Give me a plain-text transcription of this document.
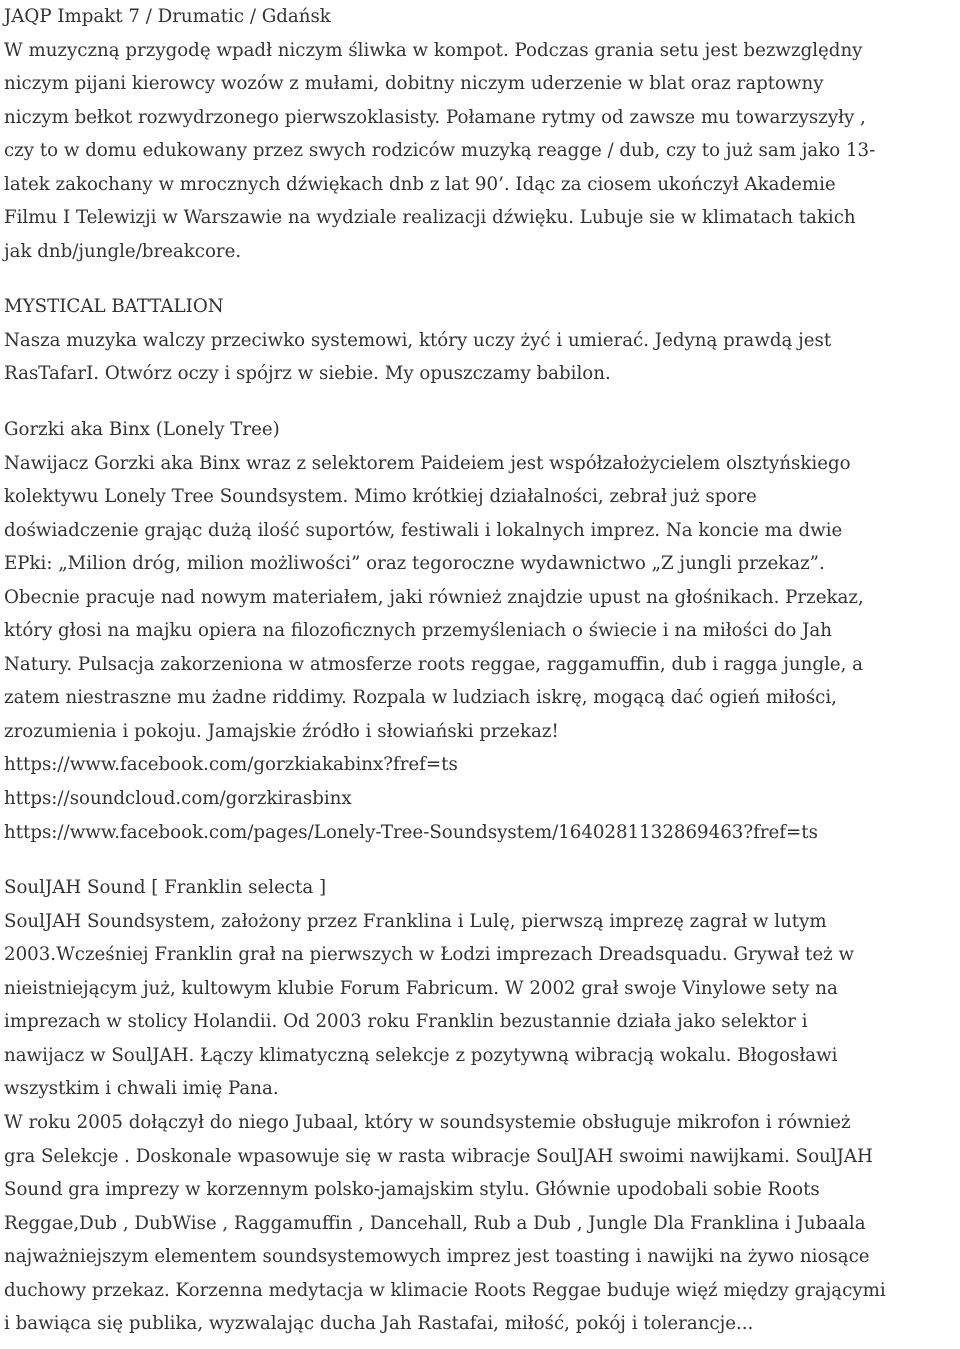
JAQP Impakt 7 / Drumatic / Gdańsk
W muzyczną przygodę wpadł niczym śliwka w kompot. Podczas grania setu jest bezwzględny
niczym pijani kierowcy wozów z mułami, dobitny niczym uderzenie w blat oraz raptowny
niczym bełkot rozwydrzonego pierwszoklasisty. Połamane rytmy od zawsze mu towarzyszyły ,
czy to w domu edukowany przez swych rodziców muzyką reagge / dub, czy to już sam jako 13-
latek zakochany w mrocznych dźwiękach dnb z lat 90’. Idąc za ciosem ukończył Akademie
Filmu I Telewizji w Warszawie na wydziale realizacji dźwięku. Lubuje sie w klimatach takich
jak dnb/jungle/breakcore.
MYSTICAL BATTALION
Nasza muzyka walczy przeciwko systemowi, który uczy żyć i umierać. Jedyną prawdą jest
RasTafarI. Otwórz oczy i spójrz w siebie. My opuszczamy babilon.
Gorzki aka Binx (Lonely Tree)
Nawijacz Gorzki aka Binx wraz z selektorem Paideiem jest współzałożycielem olsztyńskiego
kolektywu Lonely Tree Soundsystem. Mimo krótkiej działalności, zebrał już spore
doświadczenie grając dużą ilość suportów, festiwali i lokalnych imprez. Na koncie ma dwie
EPki: „Milion dróg, milion możliwości” oraz tegoroczne wydawnictwo „Z jungli przekaz”.
Obecnie pracuje nad nowym materiałem, jaki również znajdzie upust na głośnikach. Przekaz,
który głosi na majku opiera na filozoficznych przemyśleniach o świecie i na miłości do Jah
Natury. Pulsacja zakorzeniona w atmosferze roots reggae, raggamuffin, dub i ragga jungle, a
zatem niestraszne mu żadne riddimy. Rozpala w ludziach iskrę, mogącą dać ogień miłości,
zrozumienia i pokoju. Jamajskie źródło i słowiański przekaz!
https://www.facebook.com/gorzkiakabinx?fref=ts
https://soundcloud.com/gorzkirasbinx
https://www.facebook.com/pages/Lonely-Tree-Soundsystem/1640281132869463?fref=ts
SoulJAH Sound [ Franklin selecta ]
SoulJAH Soundsystem, założony przez Franklina i Lulę, pierwszą imprezę zagrał w lutym
2003.Wcześniej Franklin grał na pierwszych w Łodzi imprezach Dreadsquadu. Grywał też w
nieistniejącym już, kultowym klubie Forum Fabricum. W 2002 grał swoje Vinylowe sety na
imprezach w stolicy Holandii. Od 2003 roku Franklin bezustannie działa jako selektor i
nawijacz w SoulJAH. Łączy klimatyczną selekcje z pozytywną wibracją wokalu. Błogosławi
wszystkim i chwali imię Pana.
W roku 2005 dołączył do niego Jubaal, który w soundsystemie obsługuje mikrofon i również
gra Selekcje . Doskonale wpasowuje się w rasta wibracje SoulJAH swoimi nawijkami. SoulJAH
Sound gra imprezy w korzennym polsko-jamajskim stylu. Głównie upodobali sobie Roots
Reggae,Dub , DubWise , Raggamuffin , Dancehall, Rub a Dub , Jungle Dla Franklina i Jubaala
najważniejszym elementem soundsystemowych imprez jest toasting i nawijki na żywo niosące
duchowy przekaz. Korzenna medytacja w klimacie Roots Reggae buduje więź między grającymi
i bawiąca się publika, wyzwalając ducha Jah Rastafai, miłość, pokój i tolerancje...
